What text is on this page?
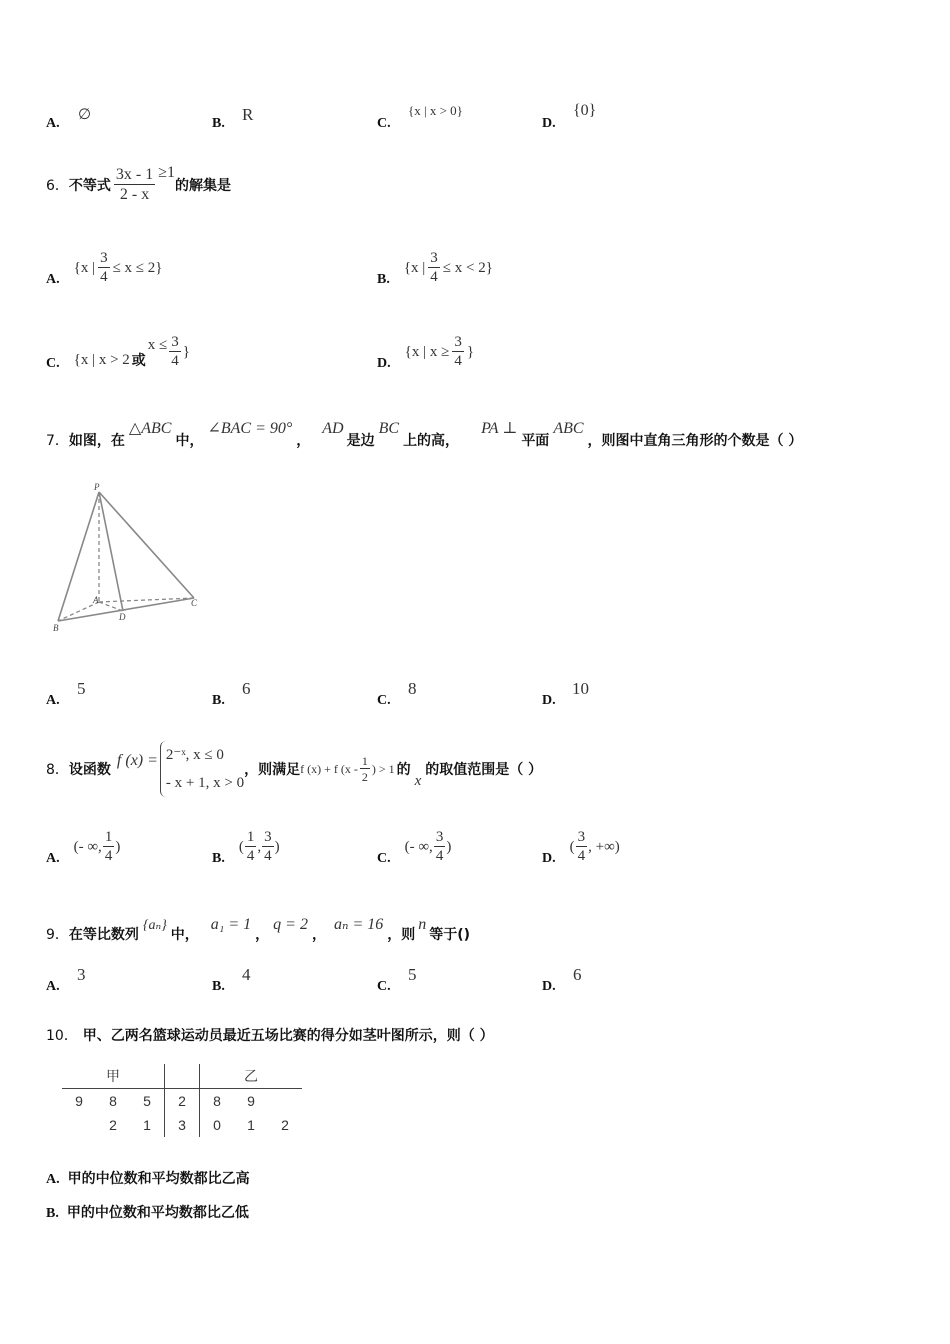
A.
∅
B. R	C.
{x | x > 0}
D.
{0}
6． 不等式 $\frac{3x - 1}{2 - x} \ge 1$
的解集是
A.
{x | $\frac{3}{4} \le x \le 2$}
B.
{x | $\frac{3}{4} \le x < 2$}
C. {x | x > 2 或
$x \le \frac{3}{4}$ }
D.
{x | $x \ge \frac{3}{4}$ }
7． 如图，在
△ABC
中，
∠BAC = 90°
，
AD
是边
BC
上的高，
PA ⊥
平面
ABC
，则图中直角三角形的个数是（ ）
P
A
B
C
D
A.
5
B.
6
C.
8
D.
10
8． 设函数
f (x) = 2⁻ˣ, x ≤ 0
- x + 1, x > 0
，则满足 f (x) + f ($x - \frac{1}{2}$ ) > 1 的
x
的取值范围是（ ）
A.
(- ∞, $\frac{1}{4}$ )
B.
( $\frac{1}{4}$ , $\frac{3}{4}$ )
C.
(- ∞, $\frac{3}{4}$ )
D.
( $\frac{3}{4}$ , +∞)
9． 在等比数列
{aₙ}
中，
a₁ = 1
，
q = 2
，
aₙ = 16
，则
n
等于()
A.
3
B.
4
C.
5
D.
6
10． 甲、乙两名篮球运动员最近五场比赛的得分如茎叶图所示，则（ ）
甲				乙		
9	8	5	2	8	9	
	2	1	3	0	1	2
A. 甲的中位数和平均数都比乙高
B. 甲的中位数和平均数都比乙低
